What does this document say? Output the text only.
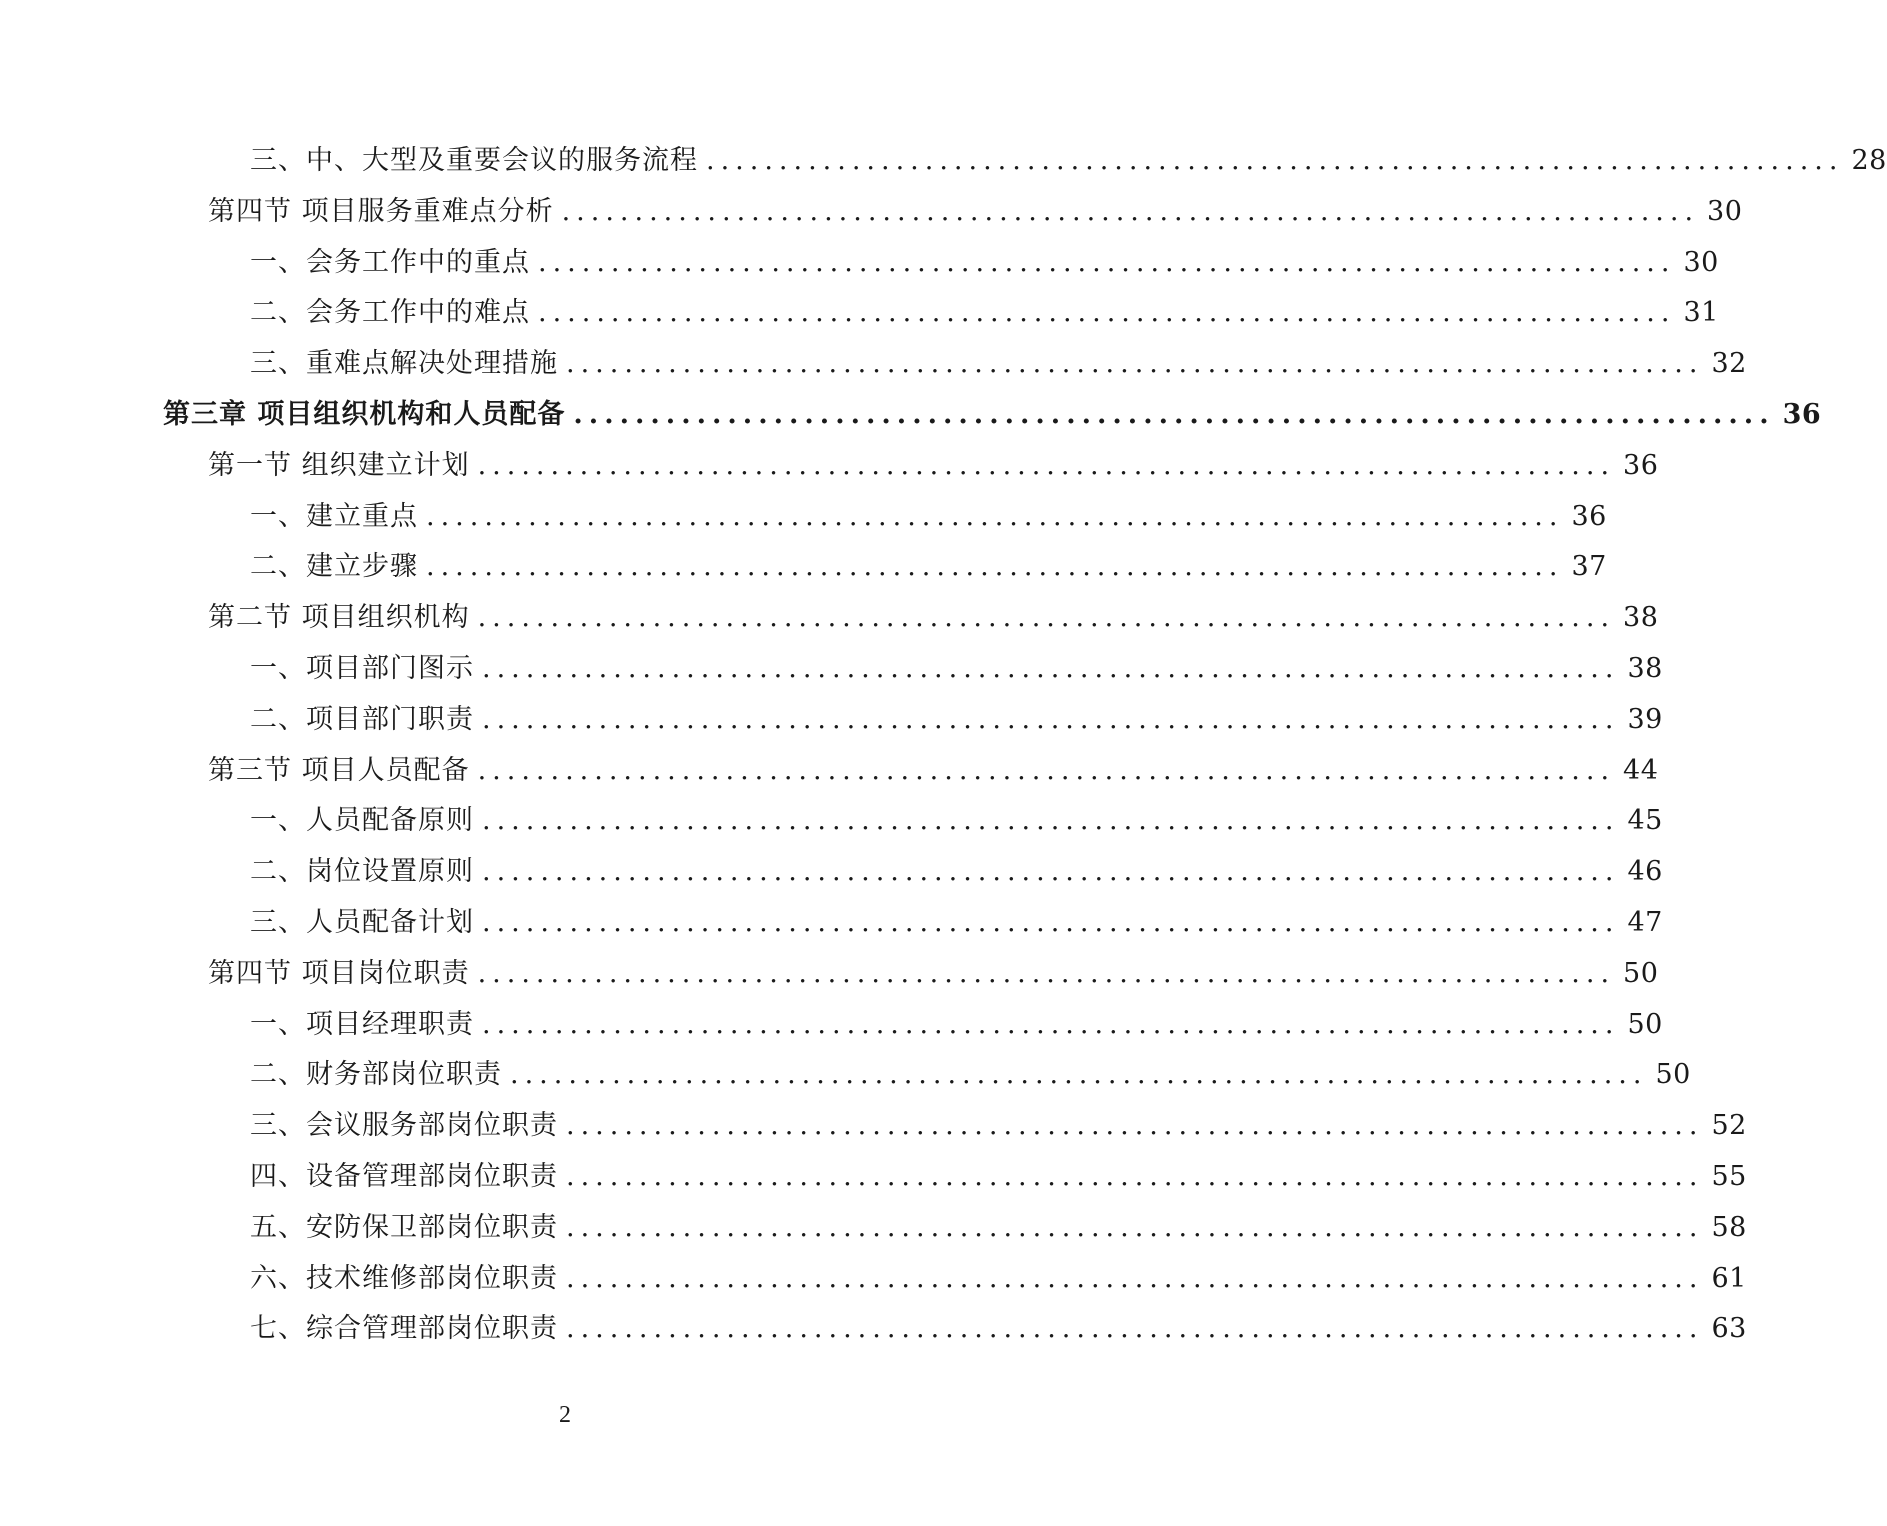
三、中、大型及重要会议的服务流程 .............................................................................. 28
第四节 项目服务重难点分析 .............................................................................. 30
一、会务工作中的重点 .............................................................................. 30
二、会务工作中的难点 .............................................................................. 31
三、重难点解决处理措施 .............................................................................. 32
第三章 项目组织机构和人员配备 .............................................................................. 36
第一节 组织建立计划 .............................................................................. 36
一、建立重点 .............................................................................. 36
二、建立步骤 .............................................................................. 37
第二节 项目组织机构 .............................................................................. 38
一、项目部门图示 .............................................................................. 38
二、项目部门职责 .............................................................................. 39
第三节 项目人员配备 .............................................................................. 44
一、人员配备原则 .............................................................................. 45
二、岗位设置原则 .............................................................................. 46
三、人员配备计划 .............................................................................. 47
第四节 项目岗位职责 .............................................................................. 50
一、项目经理职责 .............................................................................. 50
二、财务部岗位职责 .............................................................................. 50
三、会议服务部岗位职责 .............................................................................. 52
四、设备管理部岗位职责 .............................................................................. 55
五、安防保卫部岗位职责 .............................................................................. 58
六、技术维修部岗位职责 .............................................................................. 61
七、综合管理部岗位职责 .............................................................................. 63
2
